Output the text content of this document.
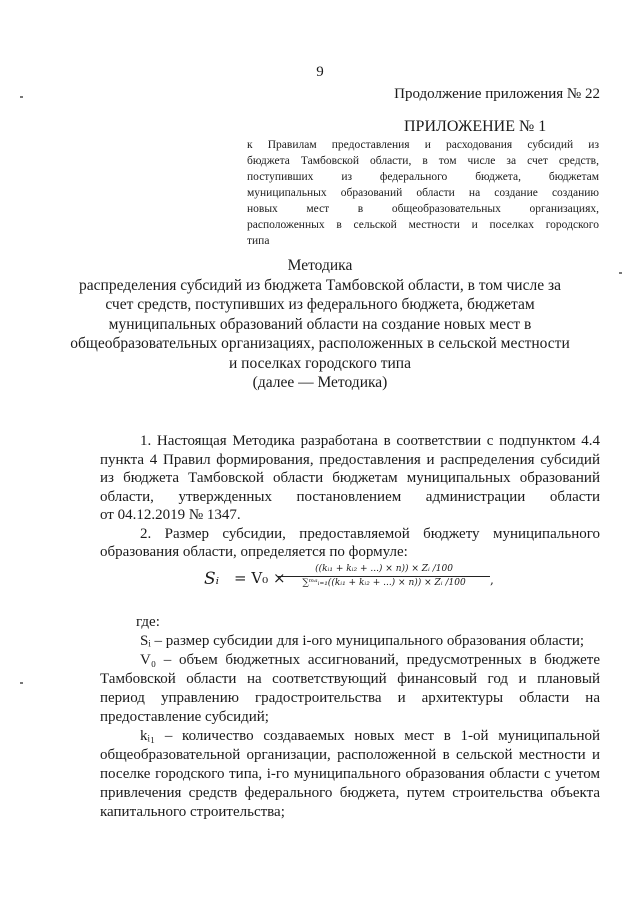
9
Продолжение приложения № 22
ПРИЛОЖЕНИЕ № 1
к Правилам предоставления и расходования субсидий из
бюджета Тамбовской области, в том числе за счет средств,
поступивших из федерального бюджета, бюджетам
муниципальных образований области на создание созданию
новых мест в общеобразовательных организациях,
расположенных в сельской местности и поселках городского
типа
Методика
распределения субсидий из бюджета Тамбовской области, в том числе за
счет средств, поступивших из федерального бюджета, бюджетам
муниципальных образований области на создание новых мест в
общеобразовательных организациях, расположенных в сельской местности
и поселках городского типа
(далее — Методика)
1. Настоящая Методика разработана в соответствии с подпунктом 4.4
пункта 4 Правил формирования, предоставления и распределения субсидий
из бюджета Тамбовской области бюджетам муниципальных образований
области, утвержденных постановлением администрации области
от 04.12.2019 № 1347.
2. Размер субсидии, предоставляемой бюджету муниципального
образования области, определяется по формуле:
Sᵢ = V₀ ×	((kᵢ₁ + kᵢ₂ + ...) × n)) × Zᵢ /100
∑ᵐᵃᵢ₌₁((kᵢ₁ + kᵢ₂ + ...) × n)) × Zᵢ /100	,
где:
Sᵢ – размер субсидии для i-ого муниципального образования области;
V₀ – объем бюджетных ассигнований, предусмотренных в бюджете
Тамбовской области на соответствующий финансовый год и плановый
период управлению градостроительства и архитектуры области на
предоставление субсидий;
kᵢ₁ – количество создаваемых новых мест в 1-ой муниципальной
общеобразовательной организации, расположенной в сельской местности и
поселке городского типа, i-го муниципального образования области с учетом
привлечения средств федерального бюджета, путем строительства объекта
капитального строительства;
